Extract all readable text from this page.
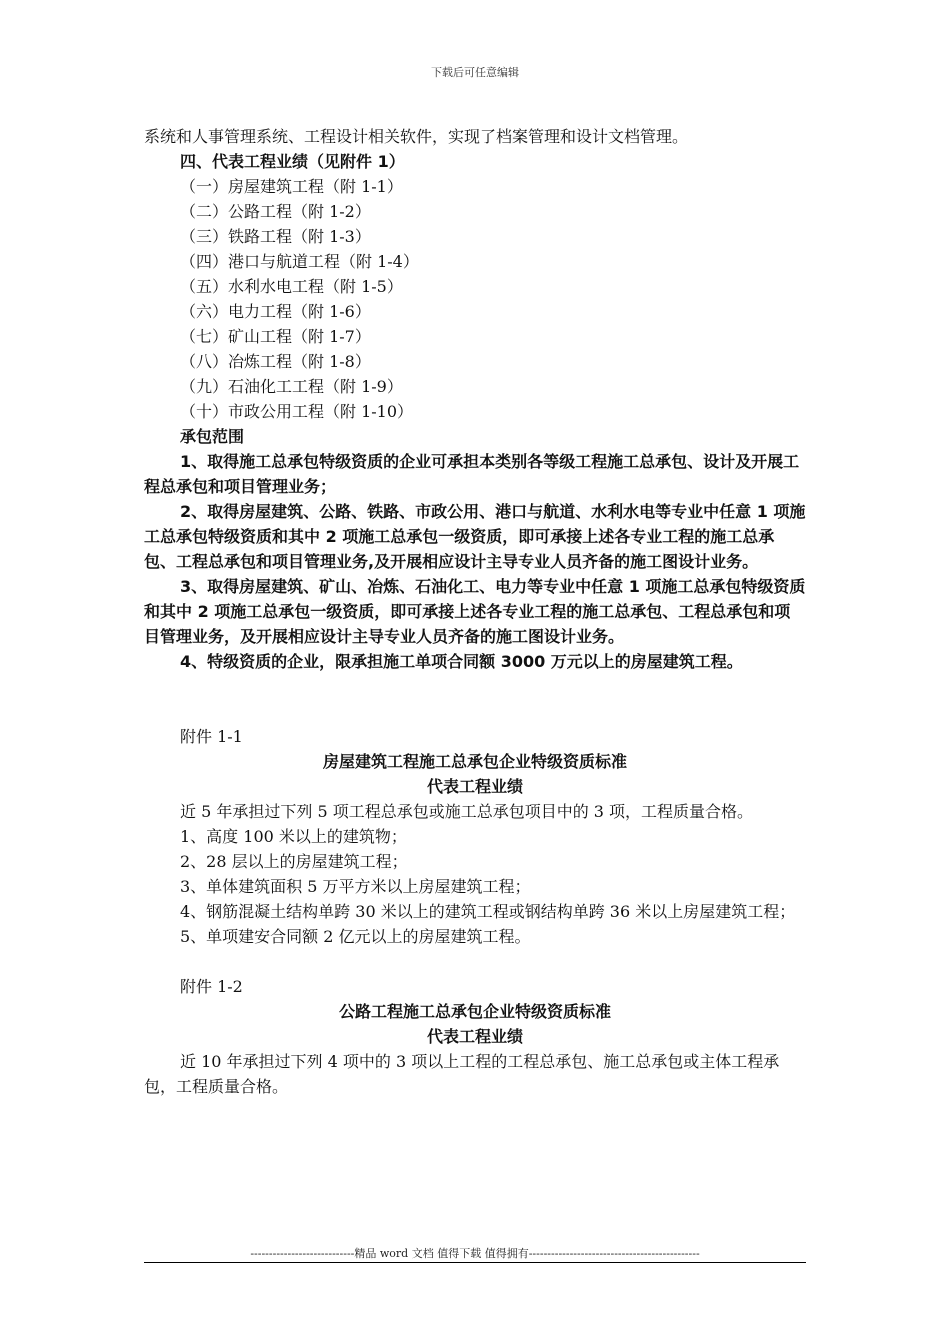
下载后可任意编辑

系统和人事管理系统、工程设计相关软件，实现了档案管理和设计文档管理。

四、代表工程业绩（见附件 1）

（一）房屋建筑工程（附 1-1）

（二）公路工程（附 1-2）

（三）铁路工程（附 1-3）

（四）港口与航道工程（附 1-4）

（五）水利水电工程（附 1-5）

（六）电力工程（附 1-6）

（七）矿山工程（附 1-7）

（八）冶炼工程（附 1-8）

（九）石油化工工程（附 1-9）

（十）市政公用工程（附 1-10）

承包范围

1、取得施工总承包特级资质的企业可承担本类别各等级工程施工总承包、设计及开展工程总承包和项目管理业务；

2、取得房屋建筑、公路、铁路、市政公用、港口与航道、水利水电等专业中任意 1 项施工总承包特级资质和其中 2 项施工总承包一级资质，即可承接上述各专业工程的施工总承包、工程总承包和项目管理业务,及开展相应设计主导专业人员齐备的施工图设计业务。

3、取得房屋建筑、矿山、冶炼、石油化工、电力等专业中任意 1 项施工总承包特级资质和其中 2 项施工总承包一级资质，即可承接上述各专业工程的施工总承包、工程总承包和项目管理业务，及开展相应设计主导专业人员齐备的施工图设计业务。

4、特级资质的企业，限承担施工单项合同额 3000 万元以上的房屋建筑工程。

附件 1-1

房屋建筑工程施工总承包企业特级资质标准

代表工程业绩

近 5 年承担过下列 5 项工程总承包或施工总承包项目中的 3 项，工程质量合格。

1、高度 100 米以上的建筑物；

2、28 层以上的房屋建筑工程；

3、单体建筑面积 5 万平方米以上房屋建筑工程；

4、钢筋混凝土结构单跨 30 米以上的建筑工程或钢结构单跨 36 米以上房屋建筑工程；

5、单项建安合同额 2 亿元以上的房屋建筑工程。

附件 1-2

公路工程施工总承包企业特级资质标准

代表工程业绩

近 10 年承担过下列 4 项中的 3 项以上工程的工程总承包、施工总承包或主体工程承包，工程质量合格。

----------------------------精品 word 文档 值得下载 值得拥有----------------------------------------------
